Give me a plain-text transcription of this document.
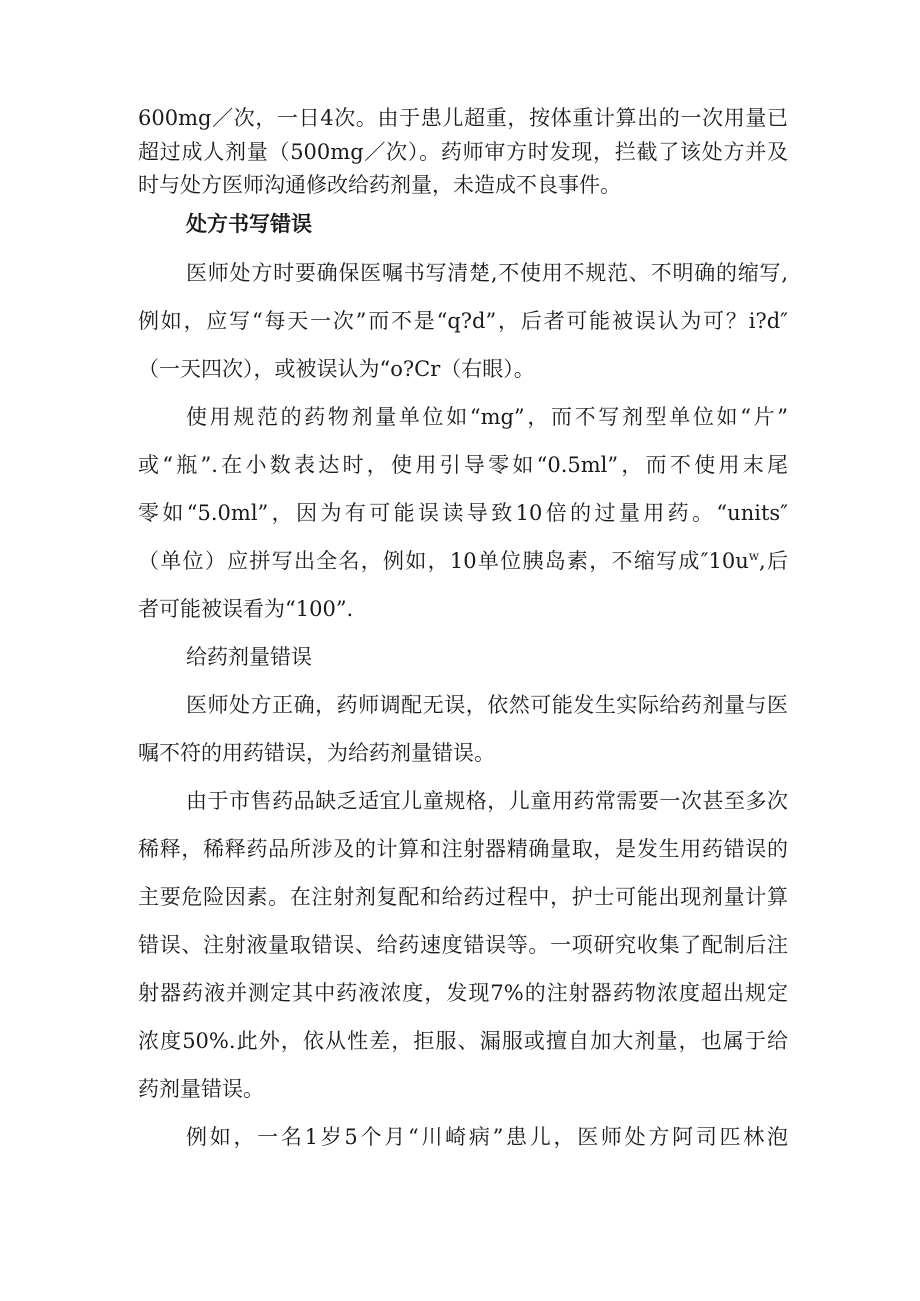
600mg／次，一日4次。由于患儿超重，按体重计算出的一次用量已
超过成人剂量（500mg／次）。药师审方时发现，拦截了该处方并及
时与处方医师沟通修改给药剂量，未造成不良事件。
处方书写错误
医师处方时要确保医嘱书写清楚,不使用不规范、不明确的缩写,
例如，应写“每天一次”而不是“q?d”，后者可能被误认为可？i?d″
（一天四次），或被误认为“o?Cr（右眼）。
使用规范的药物剂量单位如“mg”，而不写剂型单位如“片”
或“瓶”.在小数表达时，使用引导零如“0.5ml”，而不使用末尾
零如“5.0ml”，因为有可能误读导致10倍的过量用药。“units″
（单位）应拼写出全名，例如，10单位胰岛素，不缩写成$''10u^w$,后
者可能被误看为“100”.
给药剂量错误
医师处方正确，药师调配无误，依然可能发生实际给药剂量与医
嘱不符的用药错误，为给药剂量错误。
由于市售药品缺乏适宜儿童规格，儿童用药常需要一次甚至多次
稀释，稀释药品所涉及的计算和注射器精确量取，是发生用药错误的
主要危险因素。在注射剂复配和给药过程中，护士可能出现剂量计算
错误、注射液量取错误、给药速度错误等。一项研究收集了配制后注
射器药液并测定其中药液浓度，发现7%的注射器药物浓度超出规定
浓度50%.此外，依从性差，拒服、漏服或擅自加大剂量，也属于给
药剂量错误。
例如，一名1岁5个月“川崎病”患儿，医师处方阿司匹林泡
